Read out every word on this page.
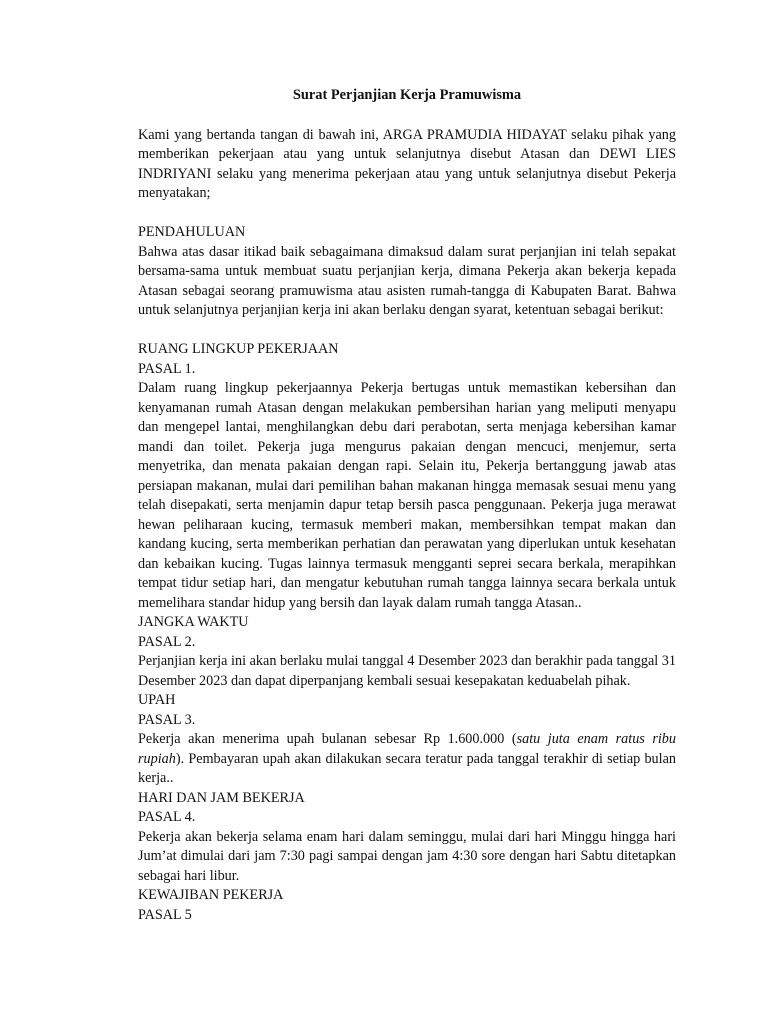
Surat Perjanjian Kerja Pramuwisma

Kami yang bertanda tangan di bawah ini, ARGA PRAMUDIA HIDAYAT selaku pihak yang memberikan pekerjaan atau yang untuk selanjutnya disebut Atasan dan DEWI LIES INDRIYANI selaku yang menerima pekerjaan atau yang untuk selanjutnya disebut Pekerja menyatakan;

PENDAHULUAN

Bahwa atas dasar itikad baik sebagaimana dimaksud dalam surat perjanjian ini telah sepakat bersama-sama untuk membuat suatu perjanjian kerja, dimana Pekerja akan bekerja kepada Atasan sebagai seorang pramuwisma atau asisten rumah-tangga di Kabupaten Barat. Bahwa untuk selanjutnya perjanjian kerja ini akan berlaku dengan syarat, ketentuan sebagai berikut:

RUANG LINGKUP PEKERJAAN

PASAL 1.

Dalam ruang lingkup pekerjaannya Pekerja bertugas untuk memastikan kebersihan dan kenyamanan rumah Atasan dengan melakukan pembersihan harian yang meliputi menyapu dan mengepel lantai, menghilangkan debu dari perabotan, serta menjaga kebersihan kamar mandi dan toilet. Pekerja juga mengurus pakaian dengan mencuci, menjemur, serta menyetrika, dan menata pakaian dengan rapi. Selain itu, Pekerja bertanggung jawab atas persiapan makanan, mulai dari pemilihan bahan makanan hingga memasak sesuai menu yang telah disepakati, serta menjamin dapur tetap bersih pasca penggunaan. Pekerja juga merawat hewan peliharaan kucing, termasuk memberi makan, membersihkan tempat makan dan kandang kucing, serta memberikan perhatian dan perawatan yang diperlukan untuk kesehatan dan kebaikan kucing. Tugas lainnya termasuk mengganti seprei secara berkala, merapihkan tempat tidur setiap hari, dan mengatur kebutuhan rumah tangga lainnya secara berkala untuk memelihara standar hidup yang bersih dan layak dalam rumah tangga Atasan..

JANGKA WAKTU

PASAL 2.

Perjanjian kerja ini akan berlaku mulai tanggal 4 Desember 2023 dan berakhir pada tanggal 31 Desember 2023 dan dapat diperpanjang kembali sesuai kesepakatan keduabelah pihak.

UPAH

PASAL 3.

Pekerja akan menerima upah bulanan sebesar Rp 1.600.000 (satu juta enam ratus ribu rupiah). Pembayaran upah akan dilakukan secara teratur pada tanggal terakhir di setiap bulan kerja..

HARI DAN JAM BEKERJA

PASAL 4.

Pekerja akan bekerja selama enam hari dalam seminggu, mulai dari hari Minggu hingga hari Jum’at dimulai dari jam 7:30 pagi sampai dengan jam 4:30 sore dengan hari Sabtu ditetapkan sebagai hari libur.

KEWAJIBAN PEKERJA

PASAL 5
